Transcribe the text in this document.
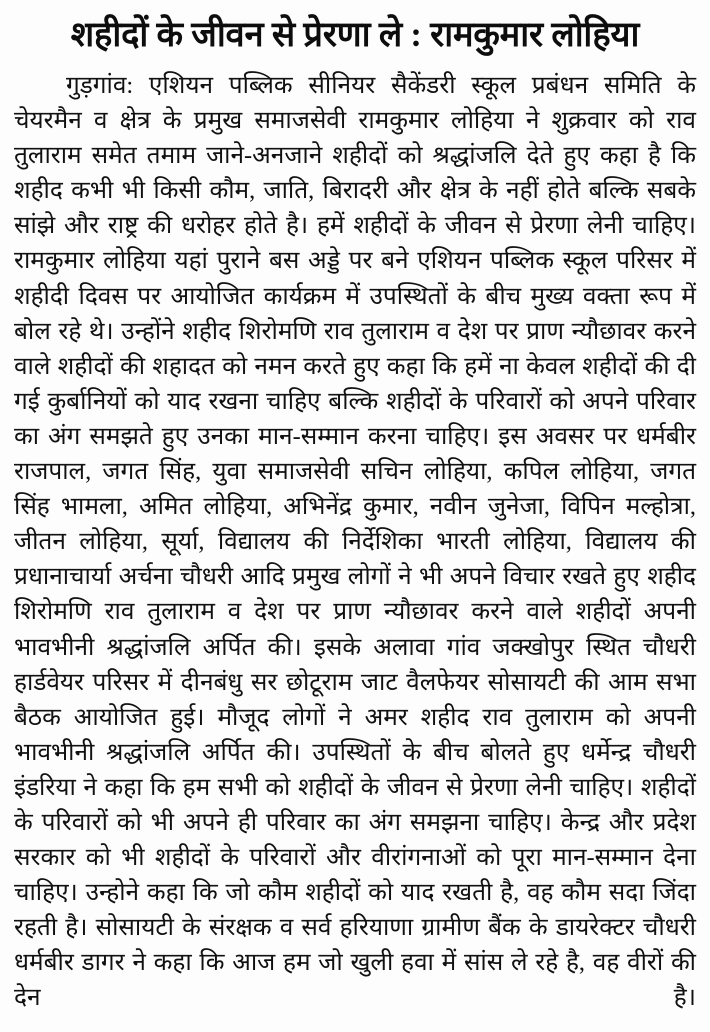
शहीदों के जीवन से प्रेरणा ले : रामकुमार लोहिया

गुड़गांव: एशियन पब्लिक सीनियर सैकेंडरी स्कूल प्रबंधन समिति के चेयरमैन व क्षेत्र के प्रमुख समाजसेवी रामकुमार लोहिया ने शुक्रवार को राव तुलाराम समेत तमाम जाने-अनजाने शहीदों को श्रद्धांजलि देते हुए कहा है कि शहीद कभी भी किसी कौम, जाति, बिरादरी और क्षेत्र के नहीं होते बल्कि सबके सांझे और राष्ट्र की धरोहर होते है। हमें शहीदों के जीवन से प्रेरणा लेनी चाहिए। रामकुमार लोहिया यहां पुराने बस अड्डे पर बने एशियन पब्लिक स्कूल परिसर में शहीदी दिवस पर आयोजित कार्यक्रम में उपस्थितों के बीच मुख्य वक्ता रूप में बोल रहे थे। उन्होंने शहीद शिरोमणि राव तुलाराम व देश पर प्राण न्यौछावर करने वाले शहीदों की शहादत को नमन करते हुए कहा कि हमें ना केवल शहीदों की दी गई कुर्बानियों को याद रखना चाहिए बल्कि शहीदों के परिवारों को अपने परिवार का अंग समझते हुए उनका मान-सम्मान करना चाहिए। इस अवसर पर धर्मबीर राजपाल, जगत सिंह, युवा समाजसेवी सचिन लोहिया, कपिल लोहिया, जगत सिंह भामला, अमित लोहिया, अभिनेंद्र कुमार, नवीन जुनेजा, विपिन मल्होत्रा, जीतन लोहिया, सूर्या, विद्यालय की निर्देशिका भारती लोहिया, विद्यालय की प्रधानाचार्या अर्चना चौधरी आदि प्रमुख लोगों ने भी अपने विचार रखते हुए शहीद शिरोमणि राव तुलाराम व देश पर प्राण न्यौछावर करने वाले शहीदों अपनी भावभीनी श्रद्धांजलि अर्पित की। इसके अलावा गांव जक्खोपुर स्थित चौधरी हार्डवेयर परिसर में दीनबंधु सर छोटूराम जाट वैलफेयर सोसायटी की आम सभा बैठक आयोजित हुई। मौजूद लोगों ने अमर शहीद राव तुलाराम को अपनी भावभीनी श्रद्धांजलि अर्पित की। उपस्थितों के बीच बोलते हुए धर्मेन्द्र चौधरी इंडरिया ने कहा कि हम सभी को शहीदों के जीवन से प्रेरणा लेनी चाहिए। शहीदों के परिवारों को भी अपने ही परिवार का अंग समझना चाहिए। केन्द्र और प्रदेश सरकार को भी शहीदों के परिवारों और वीरांगनाओं को पूरा मान-सम्मान देना चाहिए। उन्होने कहा कि जो कौम शहीदों को याद रखती है, वह कौम सदा जिंदा रहती है। सोसायटी के संरक्षक व सर्व हरियाणा ग्रामीण बैंक के डायरेक्टर चौधरी धर्मबीर डागर ने कहा कि आज हम जो खुली हवा में सांस ले रहे है, वह वीरों की देन है।
